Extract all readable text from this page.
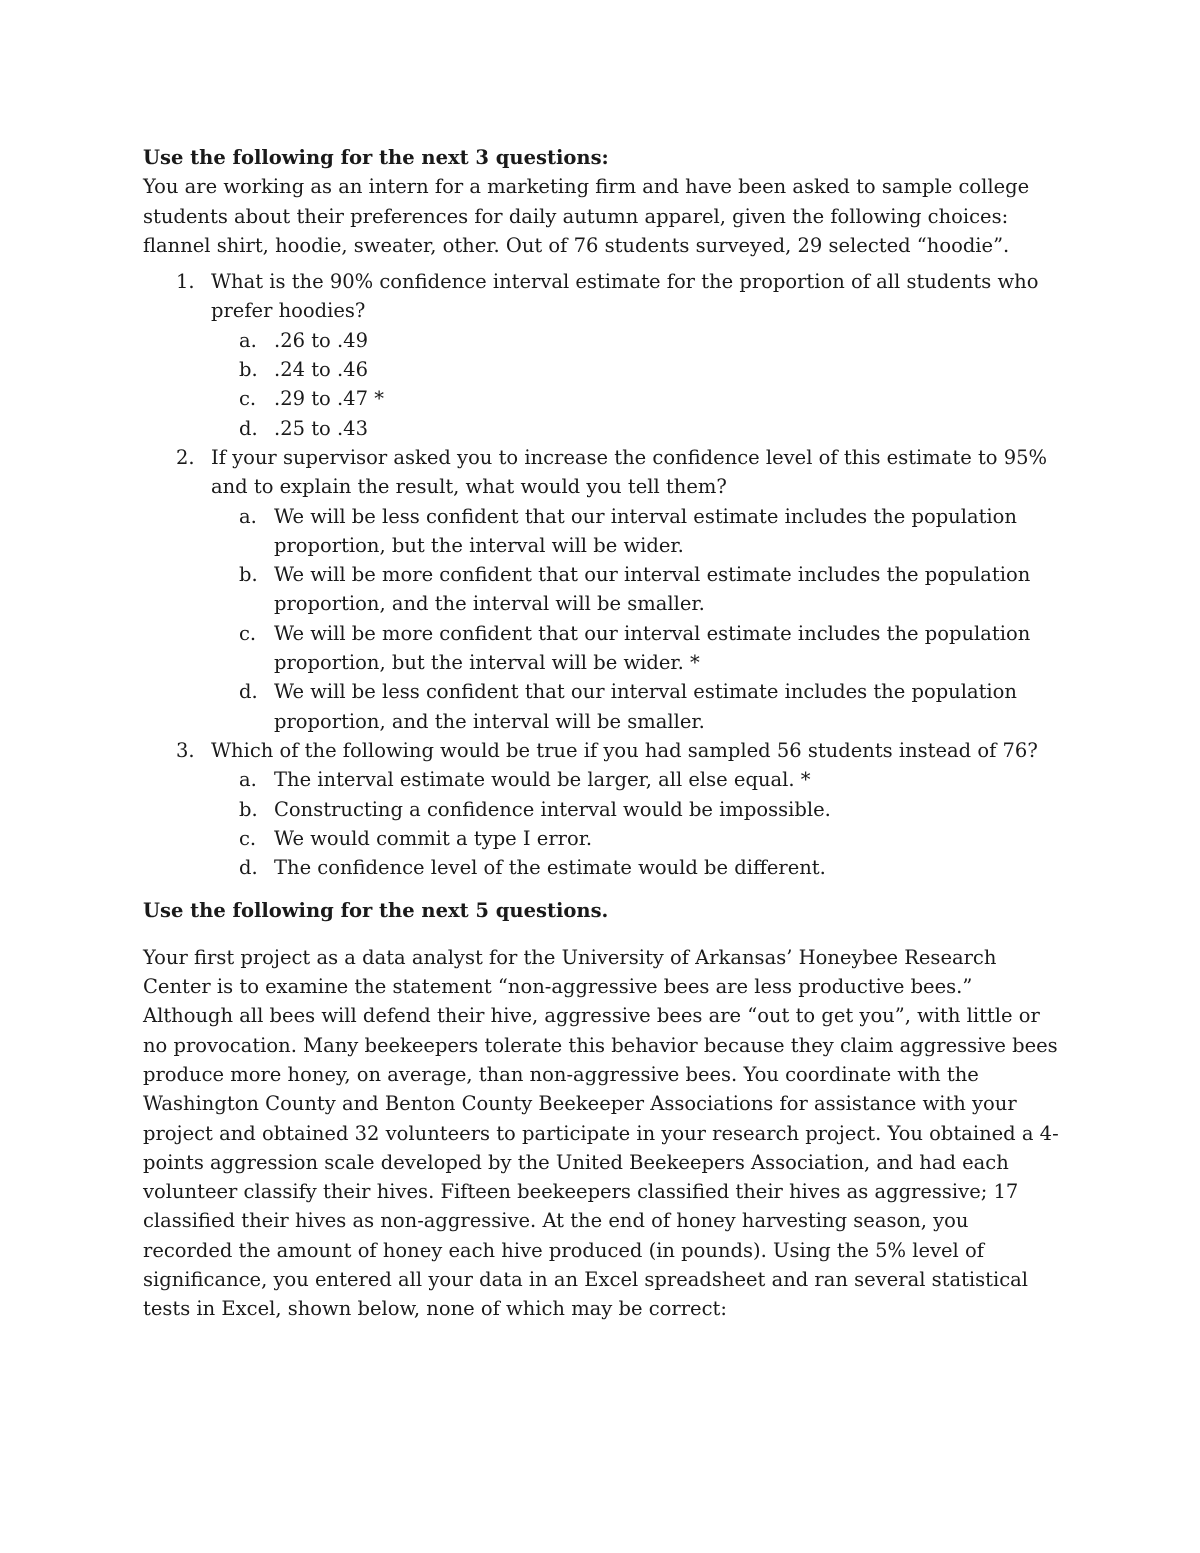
Use the following for the next 3 questions:

You are working as an intern for a marketing firm and have been asked to sample college students about their preferences for daily autumn apparel, given the following choices: flannel shirt, hoodie, sweater, other. Out of 76 students surveyed, 29 selected “hoodie”.

1. What is the 90% confidence interval estimate for the proportion of all students who prefer hoodies?
a. .26 to .49
b. .24 to .46
c. .29 to .47 *
d. .25 to .43
2. If your supervisor asked you to increase the confidence level of this estimate to 95% and to explain the result, what would you tell them?
a. We will be less confident that our interval estimate includes the population proportion, but the interval will be wider.
b. We will be more confident that our interval estimate includes the population proportion, and the interval will be smaller.
c. We will be more confident that our interval estimate includes the population proportion, but the interval will be wider. *
d. We will be less confident that our interval estimate includes the population proportion, and the interval will be smaller.
3. Which of the following would be true if you had sampled 56 students instead of 76?
a. The interval estimate would be larger, all else equal. *
b. Constructing a confidence interval would be impossible.
c. We would commit a type I error.
d. The confidence level of the estimate would be different.

Use the following for the next 5 questions.

Your first project as a data analyst for the University of Arkansas’ Honeybee Research Center is to examine the statement “non-aggressive bees are less productive bees.” Although all bees will defend their hive, aggressive bees are “out to get you”, with little or no provocation. Many beekeepers tolerate this behavior because they claim aggressive bees produce more honey, on average, than non-aggressive bees. You coordinate with the Washington County and Benton County Beekeeper Associations for assistance with your project and obtained 32 volunteers to participate in your research project. You obtained a 4-points aggression scale developed by the United Beekeepers Association, and had each volunteer classify their hives. Fifteen beekeepers classified their hives as aggressive; 17 classified their hives as non-aggressive. At the end of honey harvesting season, you recorded the amount of honey each hive produced (in pounds). Using the 5% level of significance, you entered all your data in an Excel spreadsheet and ran several statistical tests in Excel, shown below, none of which may be correct:
